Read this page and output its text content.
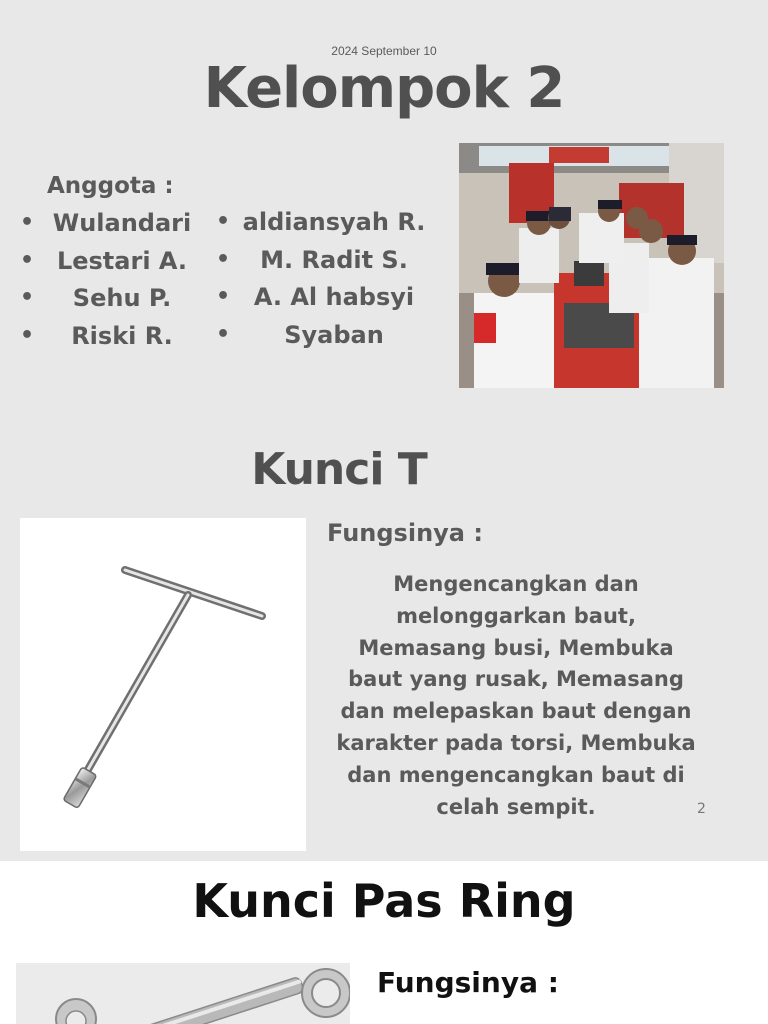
2024 September 10
Kelompok 2
Anggota :
• Wulandari
• Lestari A.
•	Sehu P.
•	Riski R.
• aldiansyah R.
•	M. Radit S.
• A. Al habsyi
•	Syaban
Kunci T
Fungsinya :
Mengencangkan dan melonggarkan baut, Memasang busi, Membuka baut yang rusak, Memasang dan melepaskan baut dengan karakter pada torsi, Membuka dan mengencangkan baut di celah sempit.	2
Kunci Pas Ring
Fungsinya :
